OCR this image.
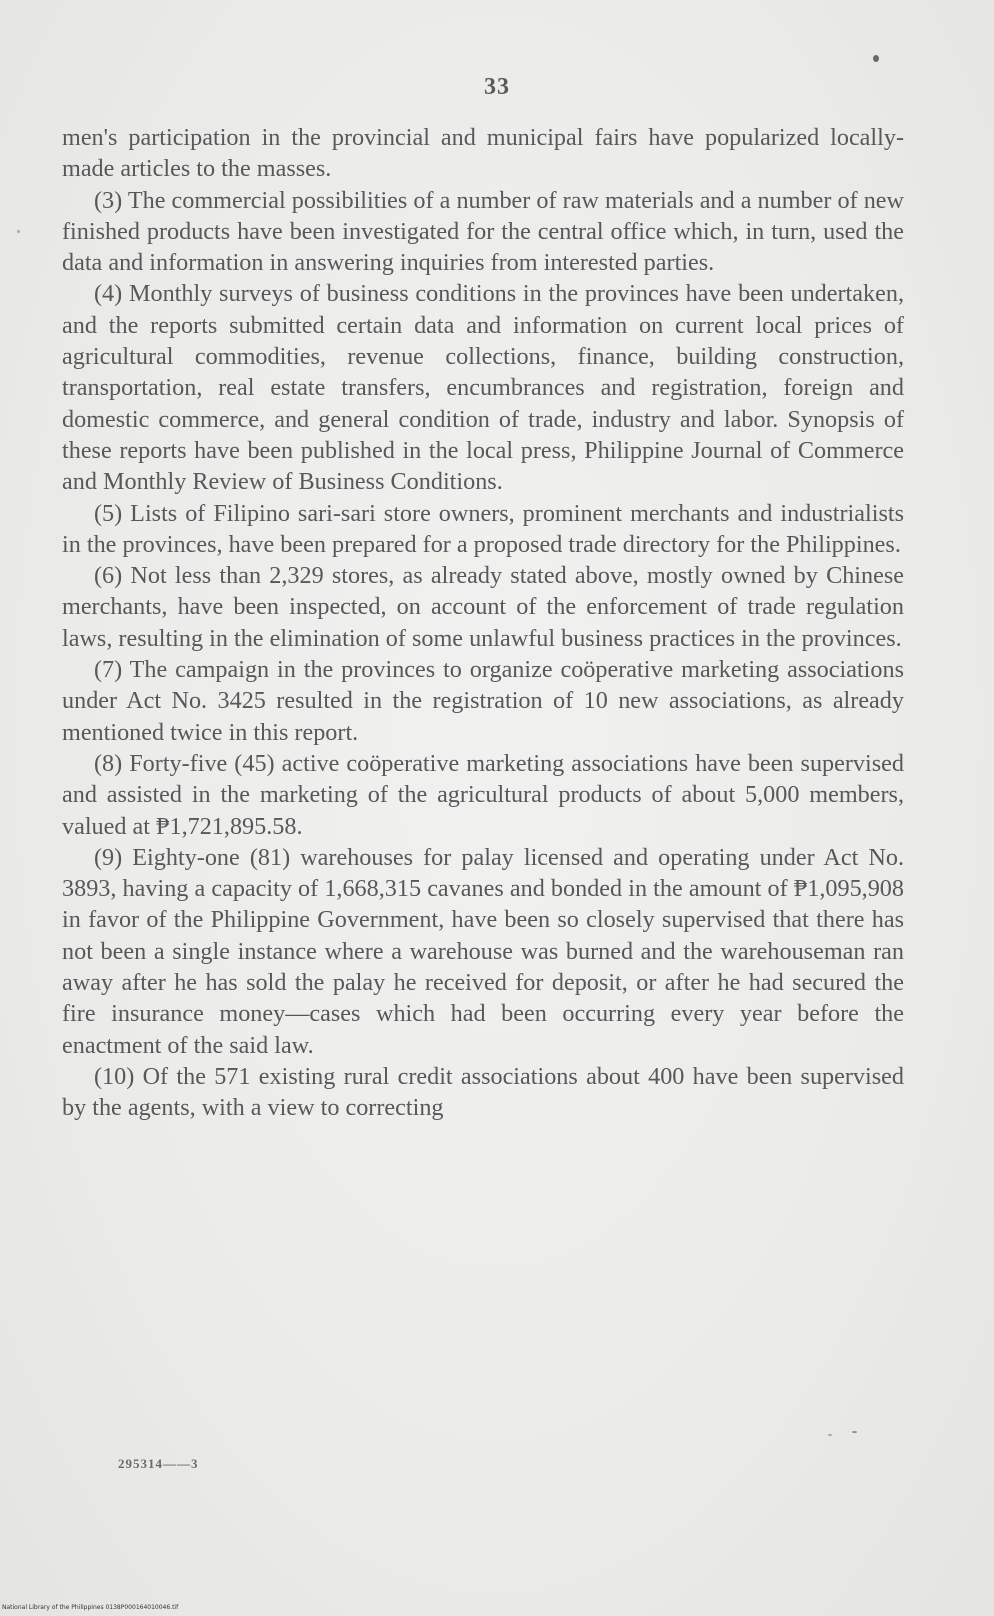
33

men's participation in the provincial and municipal fairs have popularized locally-made articles to the masses.

(3) The commercial possibilities of a number of raw materials and a number of new finished products have been investigated for the central office which, in turn, used the data and information in answering inquiries from interested parties.

(4) Monthly surveys of business conditions in the provinces have been undertaken, and the reports submitted certain data and information on current local prices of agricultural commodities, revenue collections, finance, building construction, transportation, real estate transfers, encumbrances and registration, foreign and domestic commerce, and general condition of trade, industry and labor. Synopsis of these reports have been published in the local press, Philippine Journal of Commerce and Monthly Review of Business Conditions.

(5) Lists of Filipino sari-sari store owners, prominent merchants and industrialists in the provinces, have been prepared for a proposed trade directory for the Philippines.

(6) Not less than 2,329 stores, as already stated above, mostly owned by Chinese merchants, have been inspected, on account of the enforcement of trade regulation laws, resulting in the elimination of some unlawful business practices in the provinces.

(7) The campaign in the provinces to organize coöperative marketing associations under Act No. 3425 resulted in the registration of 10 new associations, as already mentioned twice in this report.

(8) Forty-five (45) active coöperative marketing associations have been supervised and assisted in the marketing of the agricultural products of about 5,000 members, valued at ₱1,721,895.58.

(9) Eighty-one (81) warehouses for palay licensed and operating under Act No. 3893, having a capacity of 1,668,315 cavanes and bonded in the amount of ₱1,095,908 in favor of the Philippine Government, have been so closely supervised that there has not been a single instance where a warehouse was burned and the warehouseman ran away after he has sold the palay he received for deposit, or after he had secured the fire insurance money—cases which had been occurring every year before the enactment of the said law.

(10) Of the 571 existing rural credit associations about 400 have been supervised by the agents, with a view to correcting

295314——3
National Library of the Philippines 0138P000164010046.tif
